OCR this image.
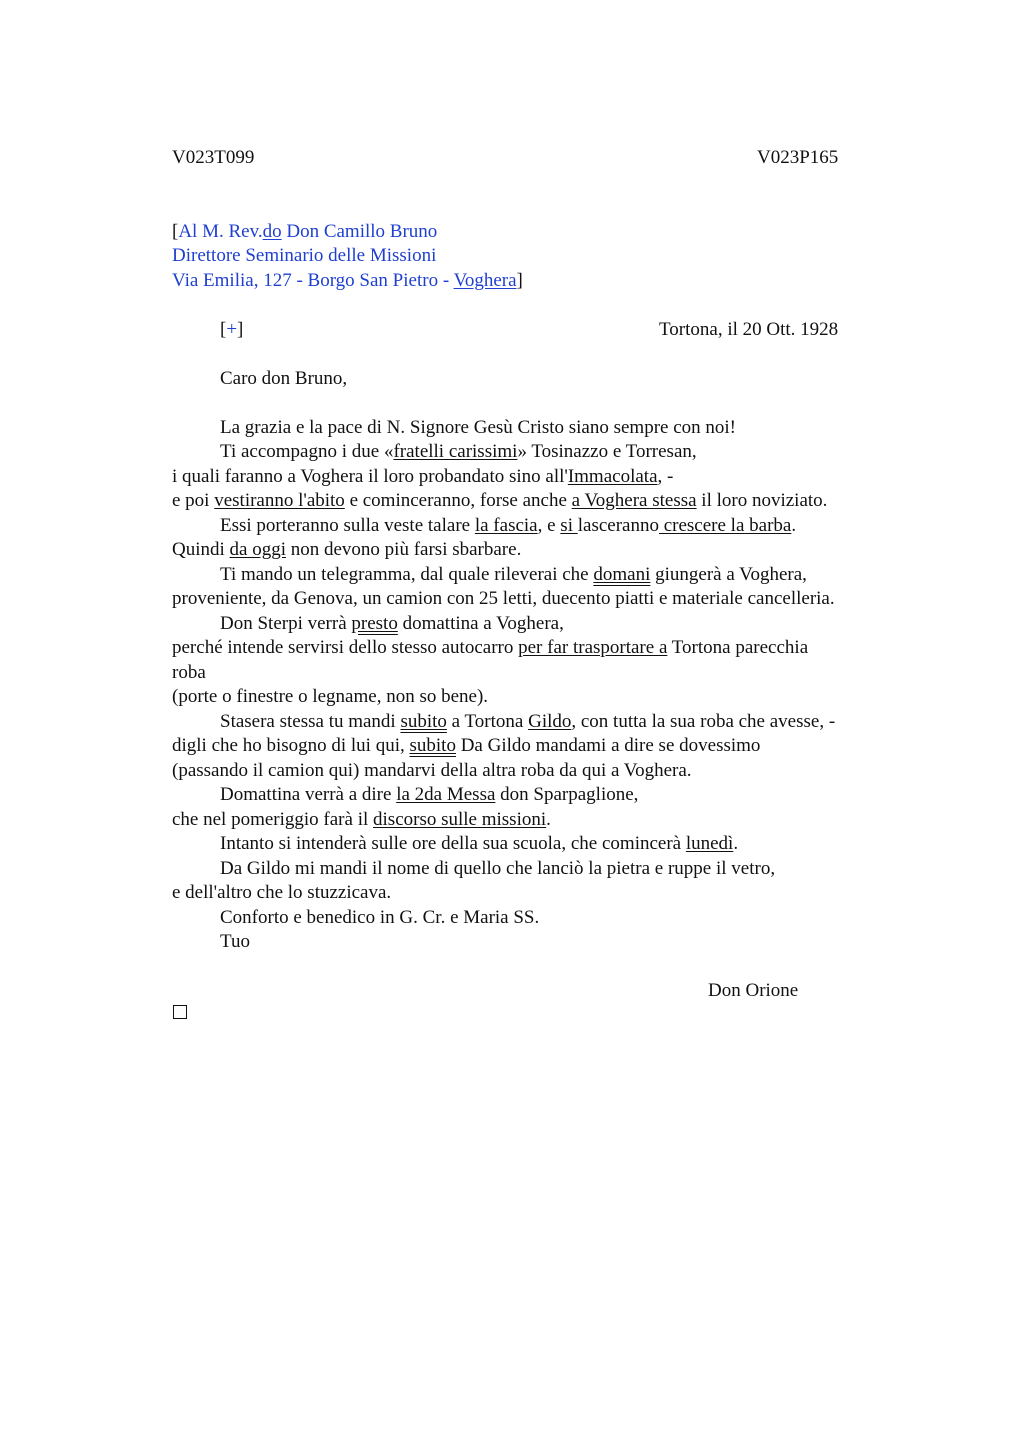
V023T099	V023P165
[Al M. Rev.do Don Camillo Bruno
Direttore Seminario delle Missioni
Via Emilia, 127 - Borgo San Pietro - Voghera]
[+]	Tortona, il 20 Ott. 1928
Caro don Bruno,
La grazia e la pace di N. Signore Gesù Cristo siano sempre con noi!
Ti accompagno i due «fratelli carissimi» Tosinazzo e Torresan,
i quali faranno a Voghera il loro probandato sino all'Immacolata, -
e poi vestiranno l'abito e cominceranno, forse anche a Voghera stessa il loro noviziato.
Essi porteranno sulla veste talare la fascia, e si lasceranno crescere la barba.
Quindi da oggi non devono più farsi sbarbare.
Ti mando un telegramma, dal quale rileverai che domani giungerà a Voghera,
proveniente, da Genova, un camion con 25 letti, duecento piatti e materiale cancelleria.
Don Sterpi verrà presto domattina a Voghera,
perché intende servirsi dello stesso autocarro per far trasportare a Tortona parecchia
roba
(porte o finestre o legname, non so bene).
Stasera stessa tu mandi subito a Tortona Gildo, con tutta la sua roba che avesse, -
digli che ho bisogno di lui qui, subito Da Gildo mandami a dire se dovessimo
(passando il camion qui) mandarvi della altra roba da qui a Voghera.
Domattina verrà a dire la 2da Messa don Sparpaglione,
che nel pomeriggio farà il discorso sulle missioni.
Intanto si intenderà sulle ore della sua scuola, che comincerà lunedì.
Da Gildo mi mandi il nome di quello che lanciò la pietra e ruppe il vetro,
e dell'altro che lo stuzzicava.
Conforto e benedico in G. Cr. e Maria SS.
Tuo
Don Orione
